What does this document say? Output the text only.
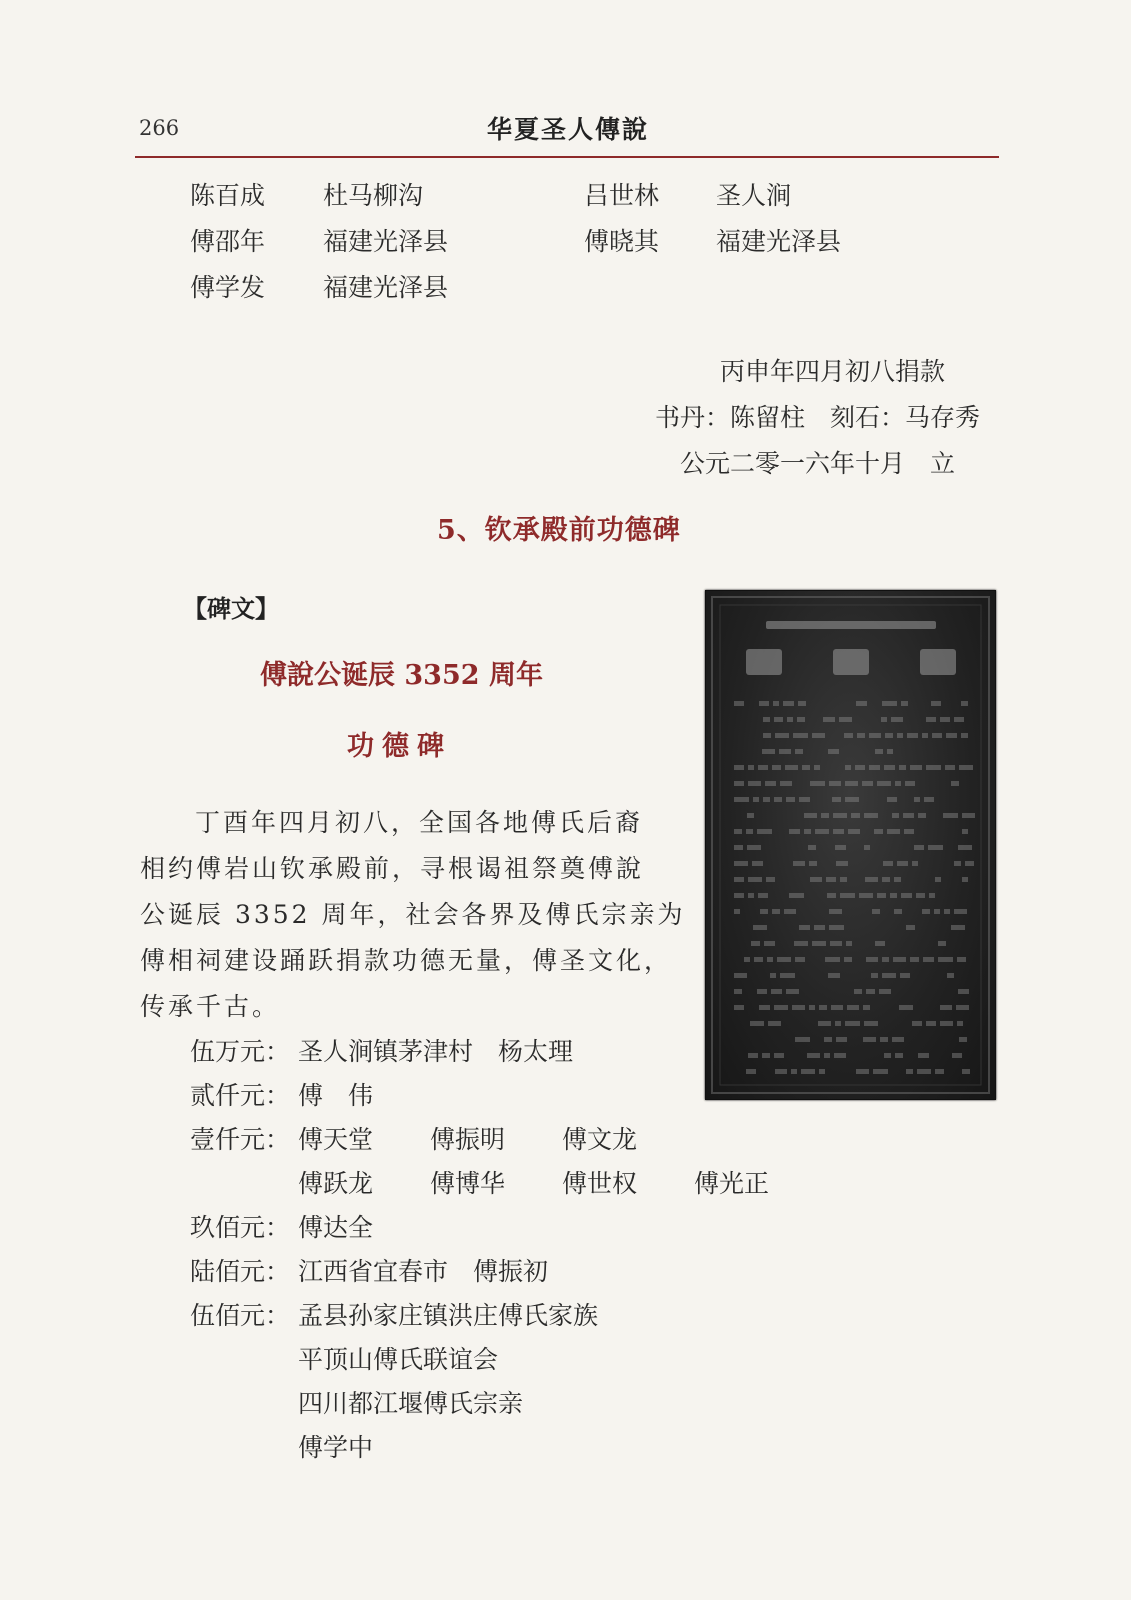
266	华夏圣人傳說
陈百成 杜马柳沟	吕世林 圣人涧
傅邵年 福建光泽县	傅晓其 福建光泽县
傅学发 福建光泽县
丙申年四月初八捐款
书丹：陈留柱　刻石：马存秀
公元二零一六年十月　立
5、钦承殿前功德碑
【碑文】
傅說公诞辰 3352 周年
功德碑
丁酉年四月初八，全国各地傅氏后裔
相约傅岩山钦承殿前，寻根谒祖祭奠傅說
公诞辰 3352 周年，社会各界及傅氏宗亲为
傅相祠建设踊跃捐款功德无量，傅圣文化，
传承千古。
伍万元： 圣人涧镇茅津村　杨太理
贰仟元： 傅　伟
壹仟元： 傅天堂 傅振明 傅文龙
傅跃龙 傅博华 傅世权 傅光正
玖佰元： 傅达全
陆佰元： 江西省宜春市　傅振初
伍佰元： 孟县孙家庄镇洪庄傅氏家族
平顶山傅氏联谊会
四川都江堰傅氏宗亲
傅学中
